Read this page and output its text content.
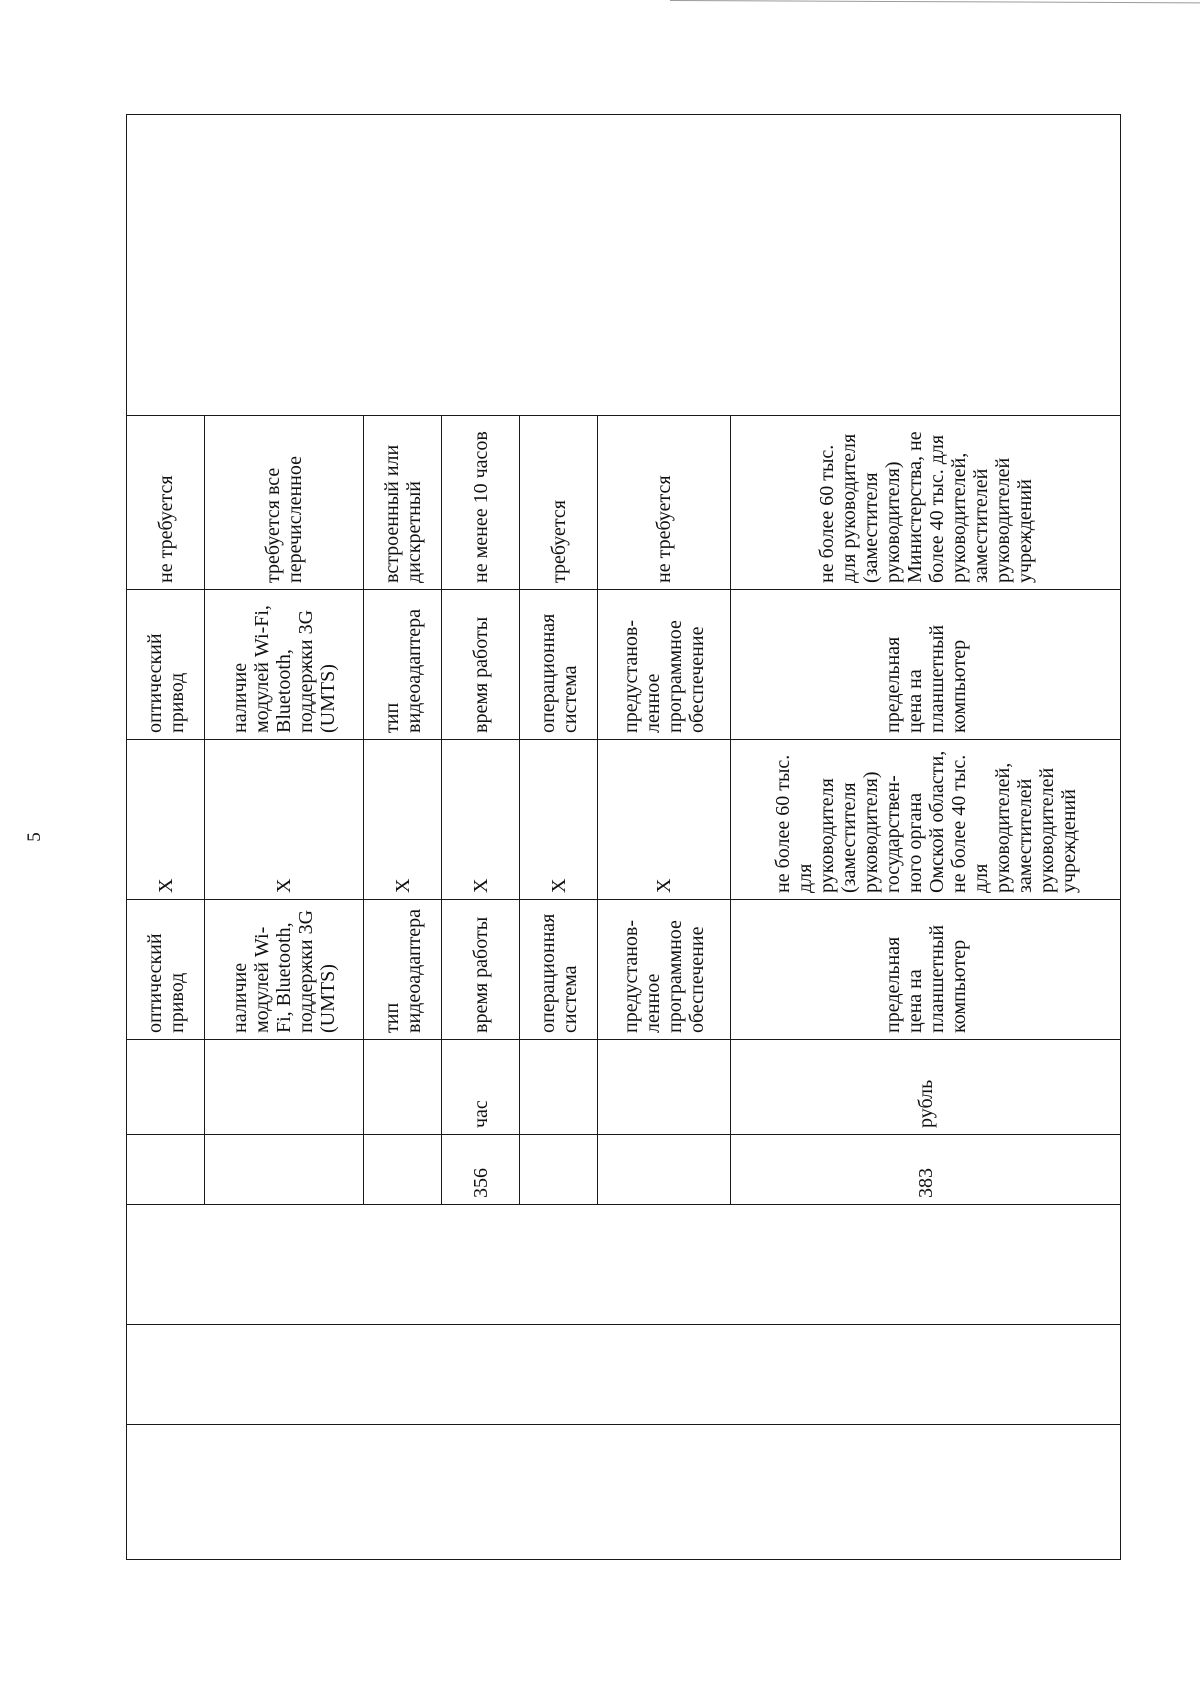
5
					оптический привод	X	оптический привод	не требуется	
					наличие модулей Wi-Fi, Bluetooth, поддержки 3G (UMTS)	X	наличие модулей Wi-Fi, Bluetooth, поддержки 3G (UMTS)	требуется все перечисленное	
					тип видеоадаптера	X	тип видеоадаптера	встроенный или дискретный	
			356	час	время работы	X	время работы	не менее 10 часов	
					операционная система	X	операционная система	требуется	
					предустанов-ленное программное обеспечение	X	предустанов-ленное программное обеспечение	не требуется	
			383	рубль	предельная цена на планшетный компьютер	не более 60 тыс. для руководителя (заместителя руководителя) государствен-ного органа Омской области, не более 40 тыс. для руководителей, заместителей руководителей учреждений	предельная цена на планшетный компьютер	не более 60 тыс. для руководителя (заместителя руководителя) Министерства, не более 40 тыс. для руководителей, заместителей руководителей учреждений	
